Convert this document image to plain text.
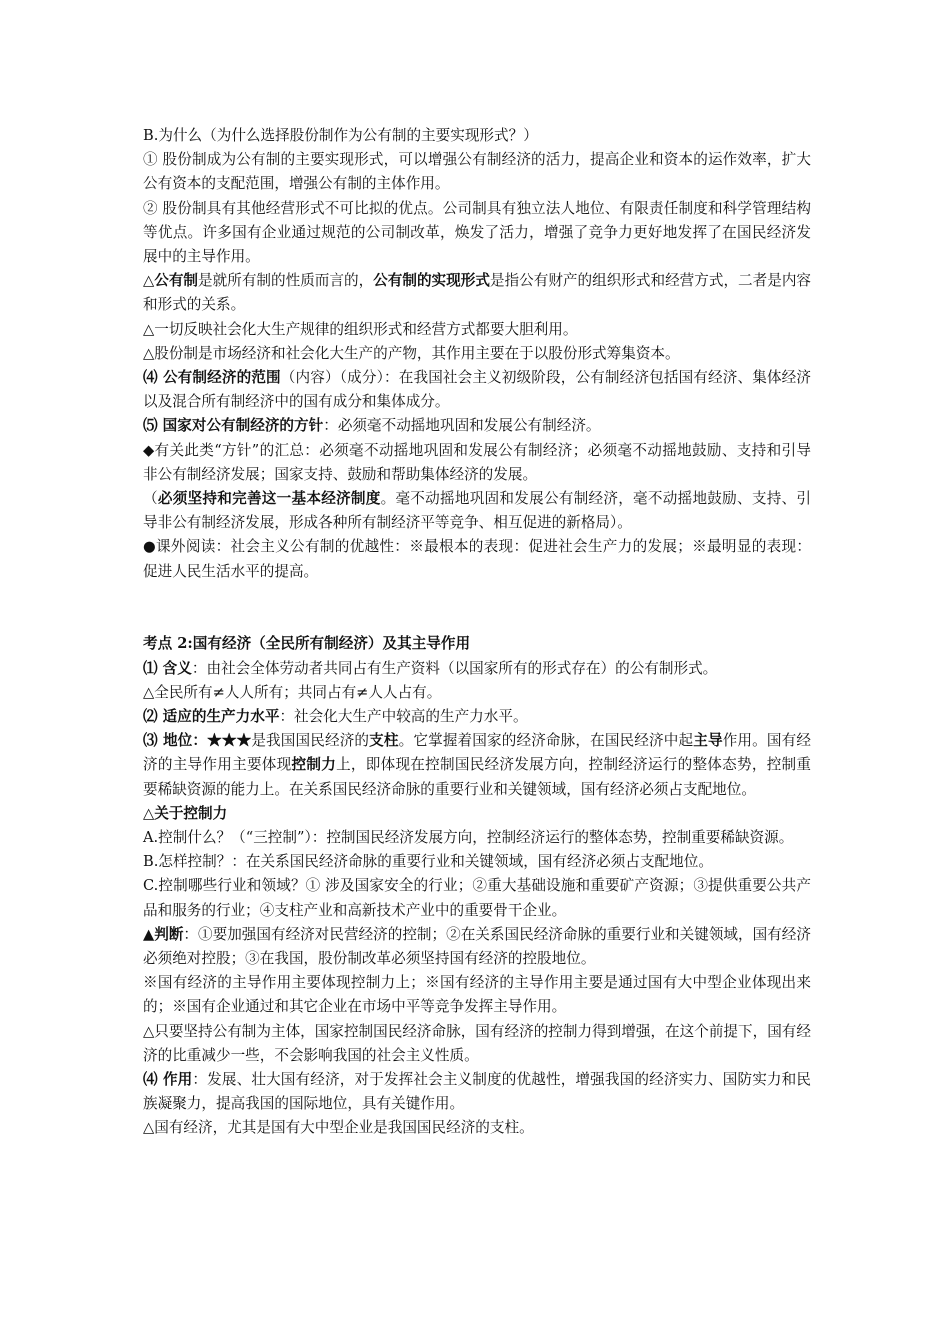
B.为什么（为什么选择股份制作为公有制的主要实现形式？）

① 股份制成为公有制的主要实现形式，可以增强公有制经济的活力，提高企业和资本的运作效率，扩大公有资本的支配范围，增强公有制的主体作用。

② 股份制具有其他经营形式不可比拟的优点。公司制具有独立法人地位、有限责任制度和科学管理结构等优点。许多国有企业通过规范的公司制改革，焕发了活力，增强了竞争力更好地发挥了在国民经济发展中的主导作用。

△公有制是就所有制的性质而言的，公有制的实现形式是指公有财产的组织形式和经营方式，二者是内容和形式的关系。

△一切反映社会化大生产规律的组织形式和经营方式都要大胆利用。

△股份制是市场经济和社会化大生产的产物，其作用主要在于以股份形式筹集资本。

⑷ 公有制经济的范围（内容）（成分）：在我国社会主义初级阶段，公有制经济包括国有经济、集体经济以及混合所有制经济中的国有成分和集体成分。

⑸ 国家对公有制经济的方针：必须毫不动摇地巩固和发展公有制经济。

◆有关此类“方针”的汇总：必须毫不动摇地巩固和发展公有制经济；必须毫不动摇地鼓励、支持和引导非公有制经济发展；国家支持、鼓励和帮助集体经济的发展。

（必须坚持和完善这一基本经济制度。毫不动摇地巩固和发展公有制经济，毫不动摇地鼓励、支持、引导非公有制经济发展，形成各种所有制经济平等竞争、相互促进的新格局）。

●课外阅读：社会主义公有制的优越性：※最根本的表现：促进社会生产力的发展；※最明显的表现：促进人民生活水平的提高。

考点 2:国有经济（全民所有制经济）及其主导作用

⑴ 含义：由社会全体劳动者共同占有生产资料（以国家所有的形式存在）的公有制形式。

△全民所有≠人人所有；共同占有≠人人占有。

⑵ 适应的生产力水平：社会化大生产中较高的生产力水平。

⑶ 地位：★★★是我国国民经济的支柱。它掌握着国家的经济命脉，在国民经济中起主导作用。国有经济的主导作用主要体现控制力上，即体现在控制国民经济发展方向，控制经济运行的整体态势，控制重要稀缺资源的能力上。在关系国民经济命脉的重要行业和关键领域，国有经济必须占支配地位。

△关于控制力

A.控制什么？（“三控制”）：控制国民经济发展方向，控制经济运行的整体态势，控制重要稀缺资源。

B.怎样控制？：在关系国民经济命脉的重要行业和关键领域，国有经济必须占支配地位。

C.控制哪些行业和领域？① 涉及国家安全的行业；②重大基础设施和重要矿产资源；③提供重要公共产品和服务的行业；④支柱产业和高新技术产业中的重要骨干企业。

▲判断：①要加强国有经济对民营经济的控制；②在关系国民经济命脉的重要行业和关键领域，国有经济必须绝对控股；③在我国，股份制改革必须坚持国有经济的控股地位。

※国有经济的主导作用主要体现控制力上；※国有经济的主导作用主要是通过国有大中型企业体现出来的；※国有企业通过和其它企业在市场中平等竞争发挥主导作用。

△只要坚持公有制为主体，国家控制国民经济命脉，国有经济的控制力得到增强，在这个前提下，国有经济的比重减少一些，不会影响我国的社会主义性质。

⑷ 作用：发展、壮大国有经济，对于发挥社会主义制度的优越性，增强我国的经济实力、国防实力和民族凝聚力，提高我国的国际地位，具有关键作用。

△国有经济，尤其是国有大中型企业是我国国民经济的支柱。
